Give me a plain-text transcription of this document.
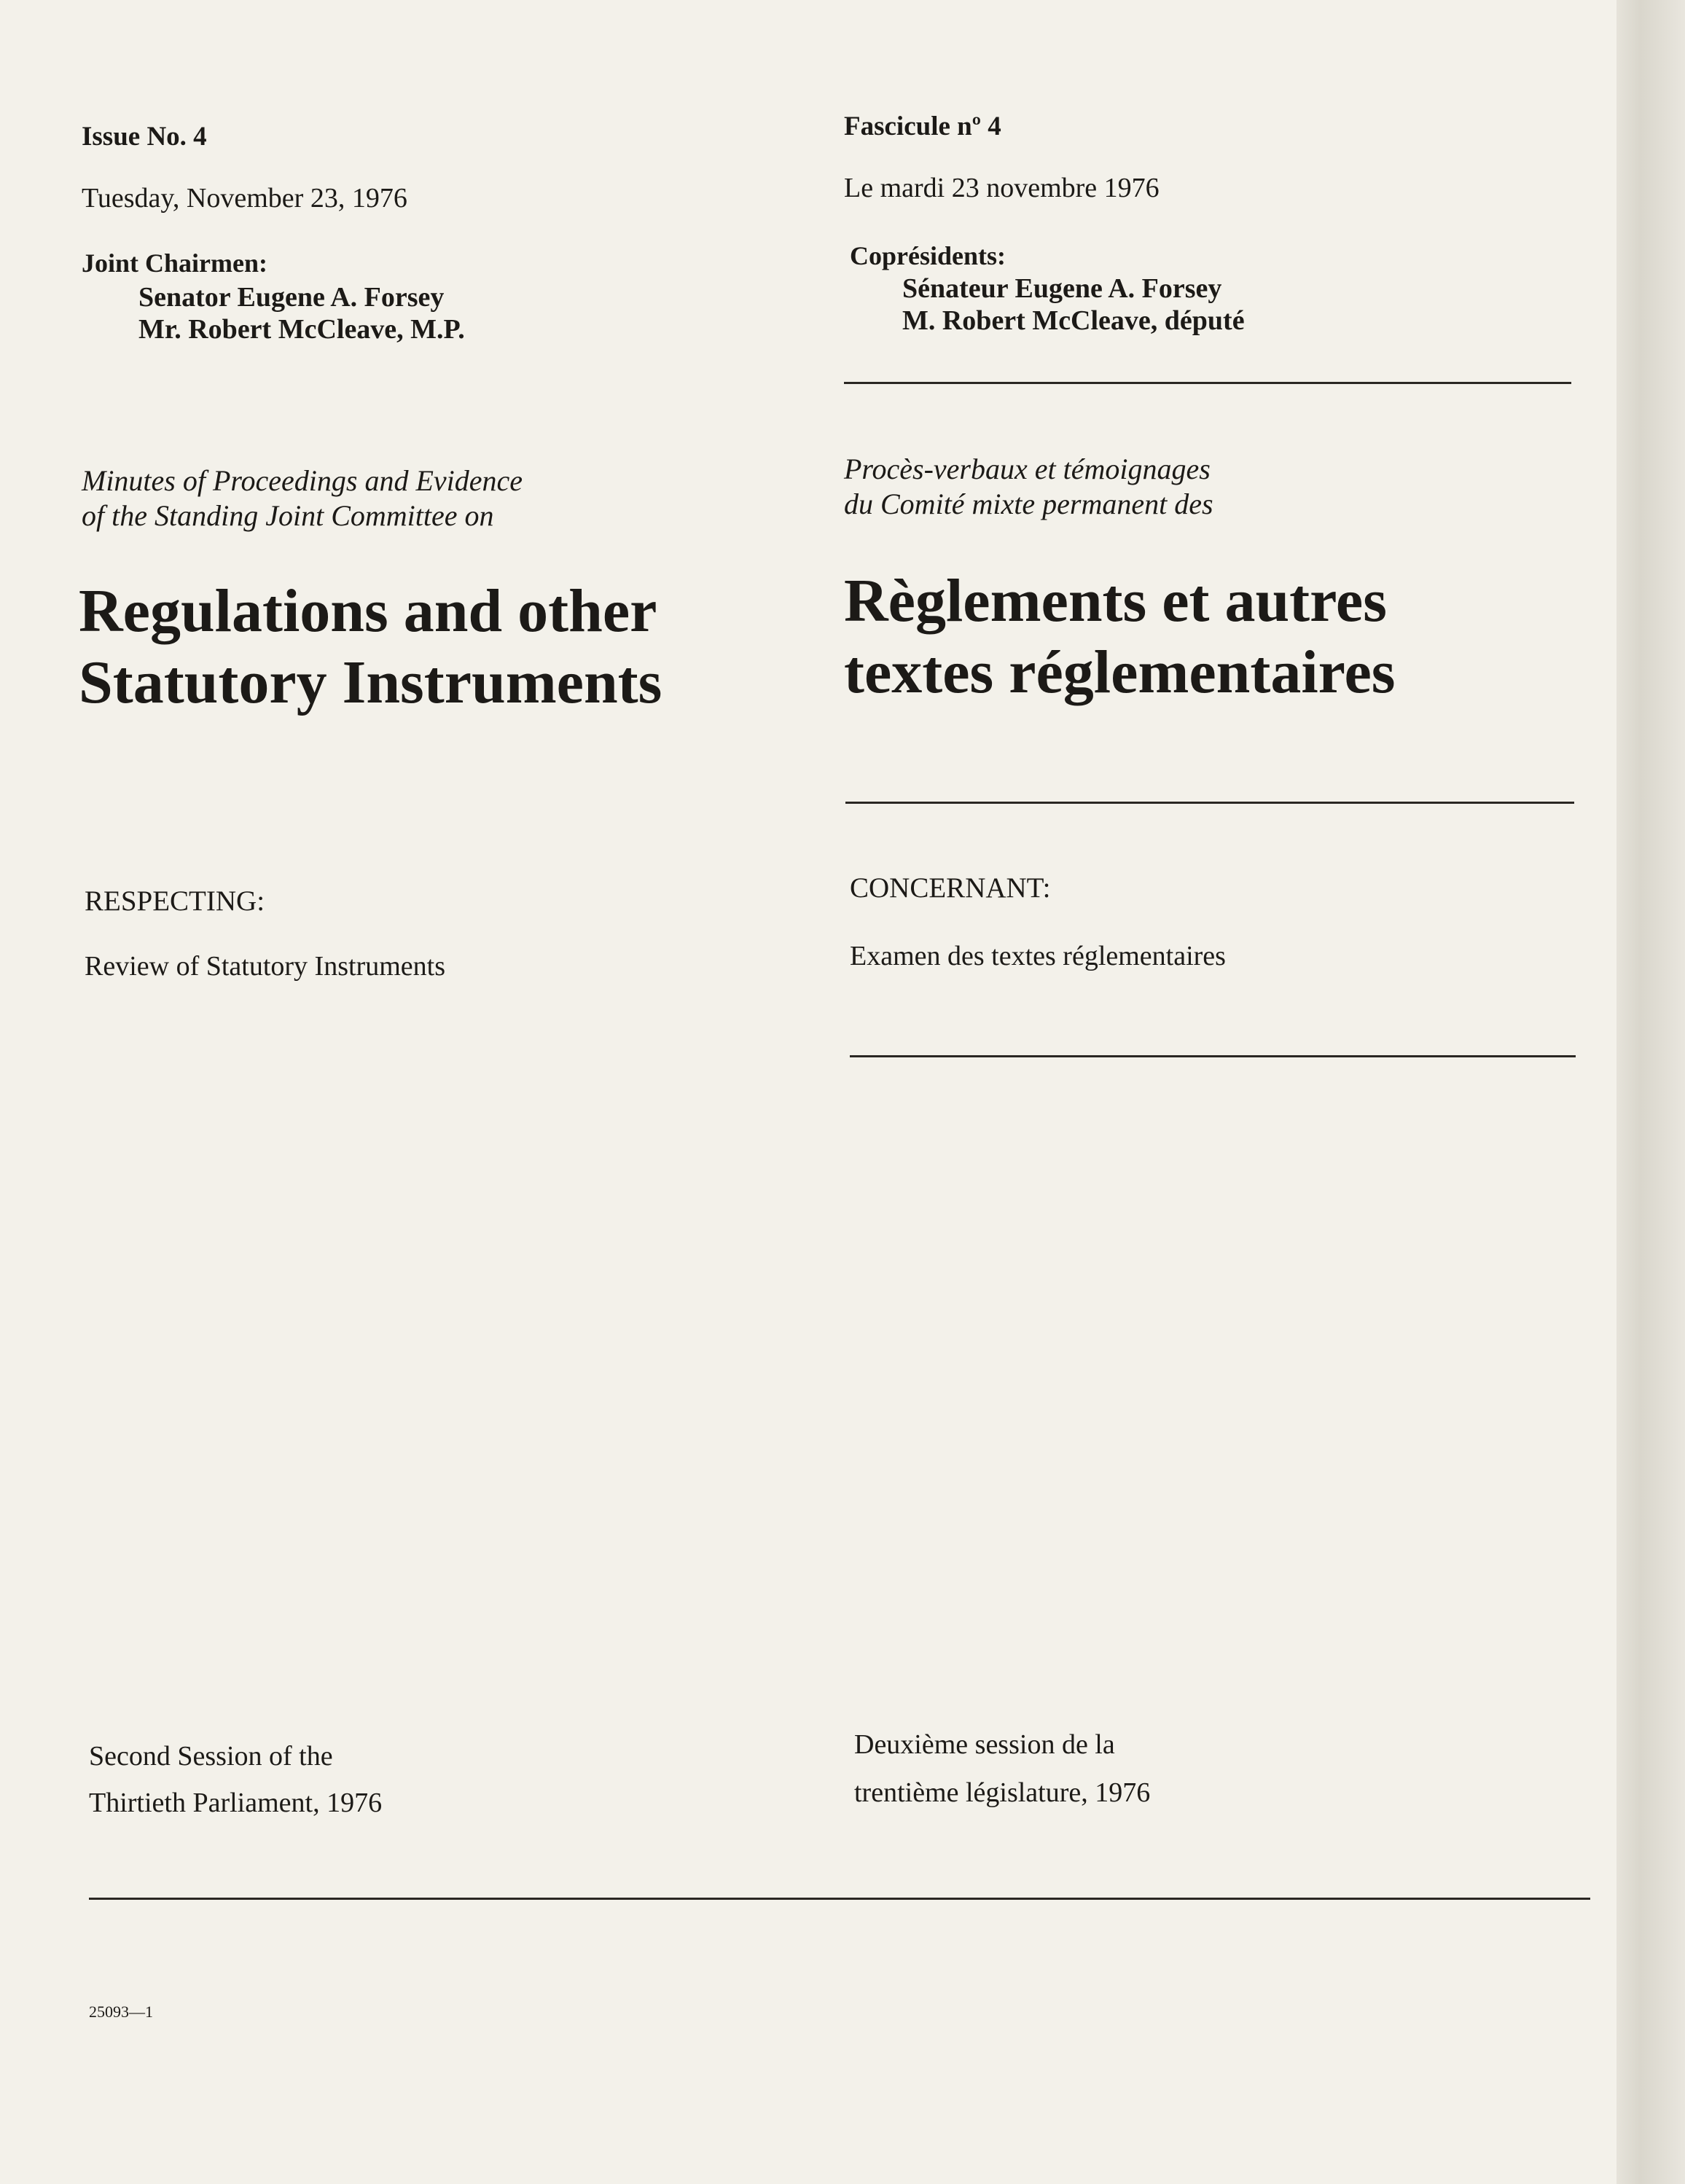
Issue No. 4
Tuesday, November 23, 1976
Joint Chairmen:
Senator Eugene A. Forsey
Mr. Robert McCleave, M.P.
Minutes of Proceedings and Evidence
of the Standing Joint Committee on
Regulations and other
Statutory Instruments
RESPECTING:
Review of Statutory Instruments
Second Session of the
Thirtieth Parliament, 1976
25093—1
Fascicule nº 4
Le mardi 23 novembre 1976
Coprésidents:
Sénateur Eugene A. Forsey
M. Robert McCleave, député
Procès-verbaux et témoignages
du Comité mixte permanent des
Règlements et autres
textes réglementaires
CONCERNANT:
Examen des textes réglementaires
Deuxième session de la
trentième législature, 1976
